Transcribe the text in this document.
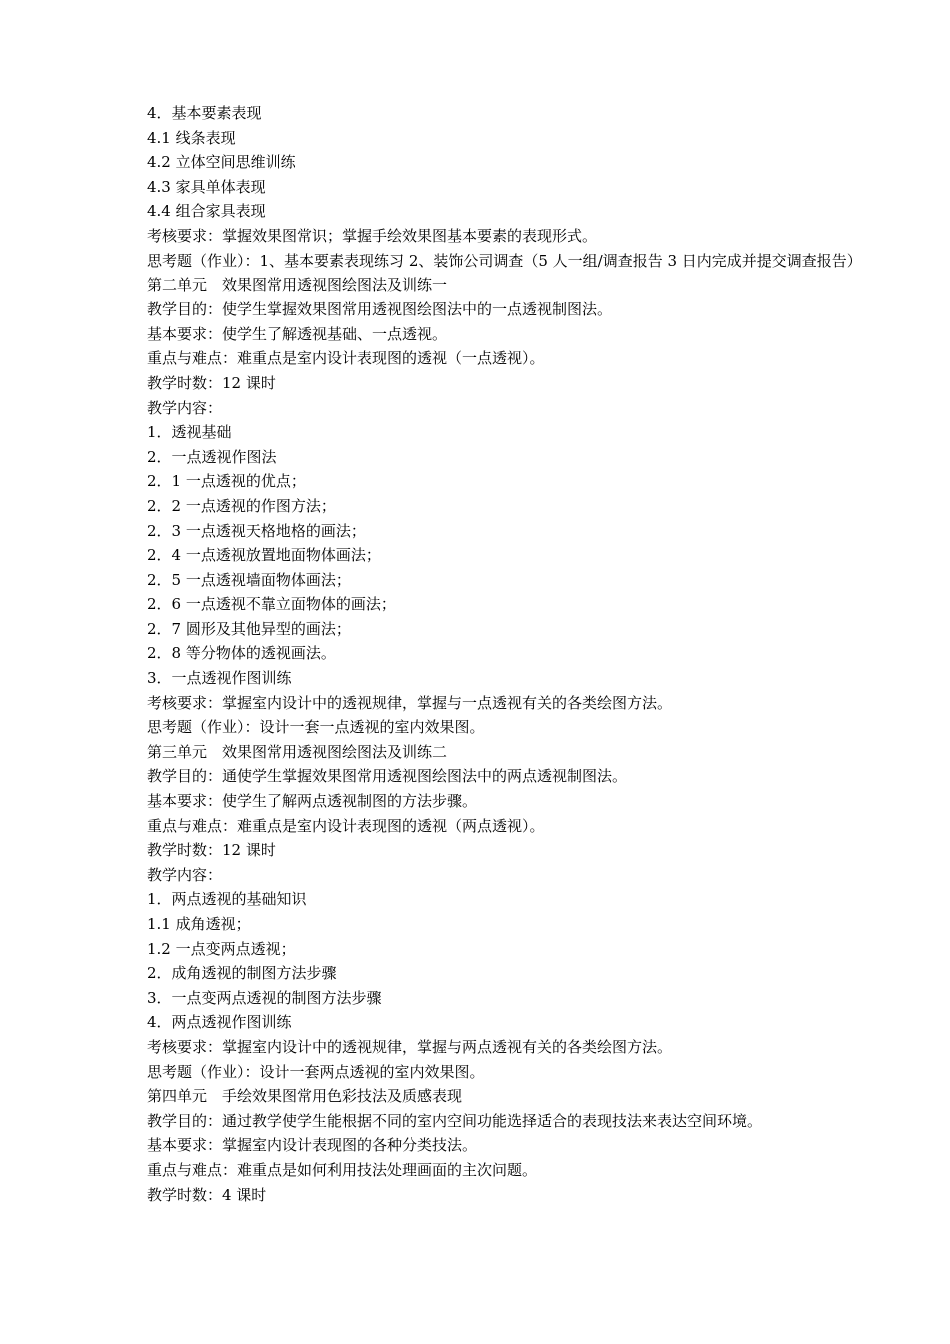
4．基本要素表现
4.1 线条表现
4.2 立体空间思维训练
4.3 家具单体表现
4.4 组合家具表现
考核要求：掌握效果图常识；掌握手绘效果图基本要素的表现形式。
思考题（作业）：1、基本要素表现练习 2、装饰公司调查（5 人一组/调查报告 3 日内完成并提交调查报告）
第二单元　效果图常用透视图绘图法及训练一
教学目的：使学生掌握效果图常用透视图绘图法中的一点透视制图法。
基本要求：使学生了解透视基础、一点透视。
重点与难点：难重点是室内设计表现图的透视（一点透视）。
教学时数：12 课时
教学内容：
1．透视基础
2．一点透视作图法
2．1 一点透视的优点；
2．2 一点透视的作图方法；
2．3 一点透视天格地格的画法；
2．4 一点透视放置地面物体画法；
2．5 一点透视墙面物体画法；
2．6 一点透视不靠立面物体的画法；
2．7 圆形及其他异型的画法；
2．8 等分物体的透视画法。
3．一点透视作图训练
考核要求：掌握室内设计中的透视规律，掌握与一点透视有关的各类绘图方法。
思考题（作业）：设计一套一点透视的室内效果图。
第三单元　效果图常用透视图绘图法及训练二
教学目的：通使学生掌握效果图常用透视图绘图法中的两点透视制图法。
基本要求：使学生了解两点透视制图的方法步骤。
重点与难点：难重点是室内设计表现图的透视（两点透视）。
教学时数：12 课时
教学内容：
1．两点透视的基础知识
1.1 成角透视；
1.2 一点变两点透视；
2．成角透视的制图方法步骤
3．一点变两点透视的制图方法步骤
4．两点透视作图训练
考核要求：掌握室内设计中的透视规律，掌握与两点透视有关的各类绘图方法。
思考题（作业）：设计一套两点透视的室内效果图。
第四单元　手绘效果图常用色彩技法及质感表现
教学目的：通过教学使学生能根据不同的室内空间功能选择适合的表现技法来表达空间环境。
基本要求：掌握室内设计表现图的各种分类技法。
重点与难点：难重点是如何利用技法处理画面的主次问题。
教学时数：4 课时
